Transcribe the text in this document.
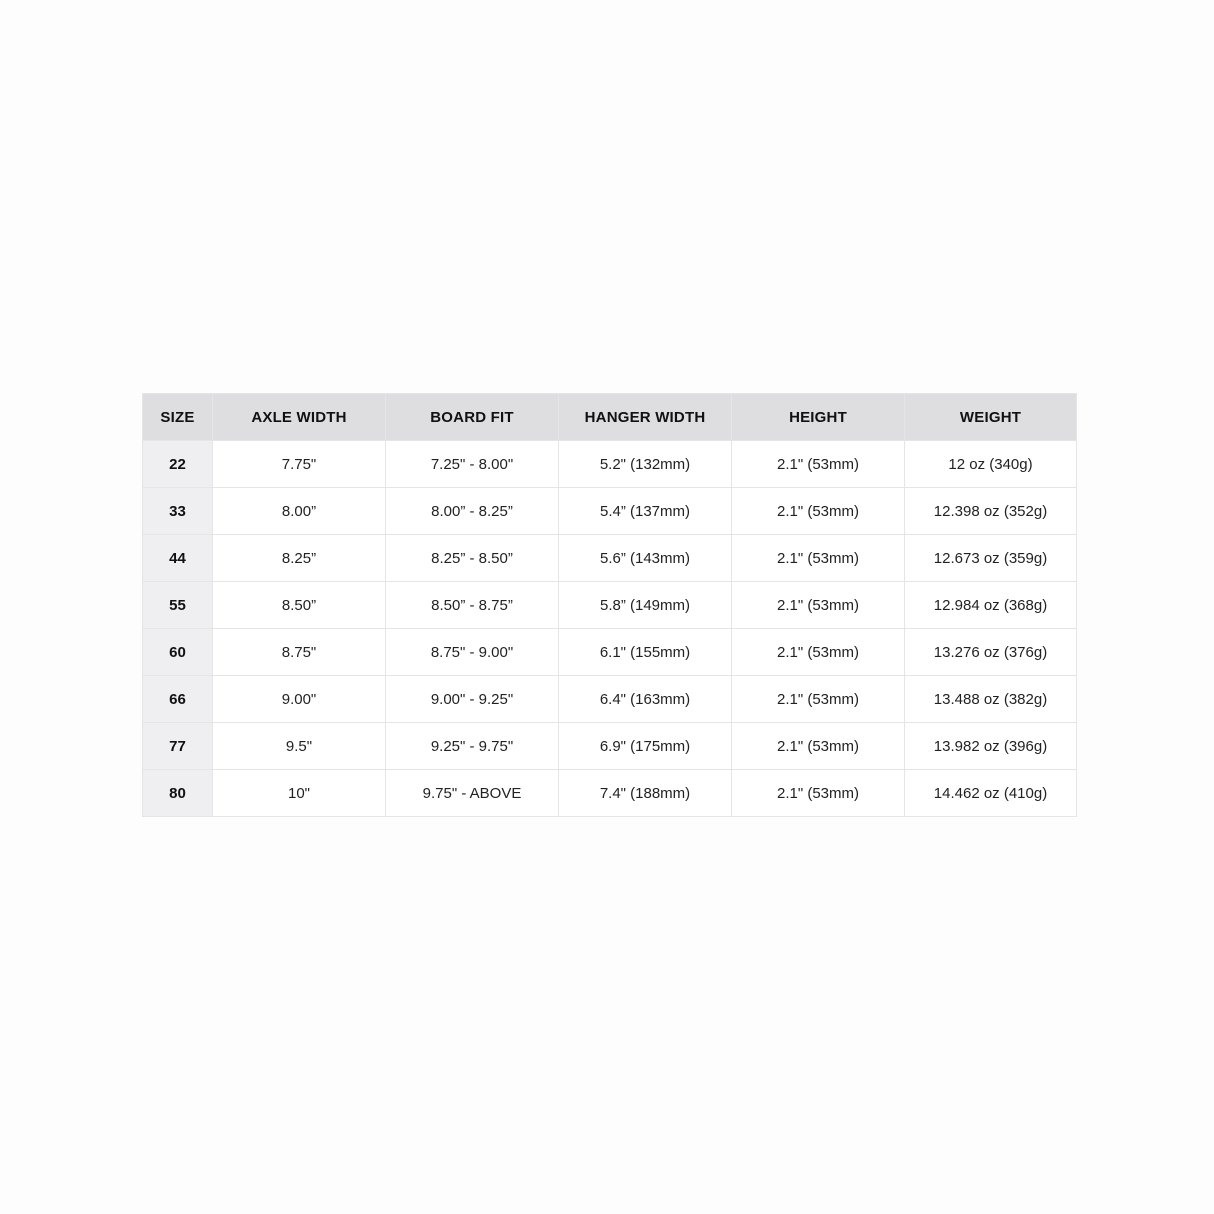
SIZE	AXLE WIDTH	BOARD FIT	HANGER WIDTH	HEIGHT	WEIGHT
22	7.75"	7.25" - 8.00"	5.2" (132mm)	2.1" (53mm)	12 oz (340g)
33	8.00”	8.00” - 8.25”	5.4” (137mm)	2.1" (53mm)	12.398 oz (352g)
44	8.25”	8.25” - 8.50”	5.6” (143mm)	2.1" (53mm)	12.673 oz (359g)
55	8.50”	8.50” - 8.75”	5.8” (149mm)	2.1" (53mm)	12.984 oz (368g)
60	8.75"	8.75" - 9.00"	6.1" (155mm)	2.1" (53mm)	13.276 oz (376g)
66	9.00"	9.00" - 9.25"	6.4" (163mm)	2.1" (53mm)	13.488 oz (382g)
77	9.5"	9.25" - 9.75"	6.9" (175mm)	2.1" (53mm)	13.982 oz (396g)
80	10"	9.75" - ABOVE	7.4" (188mm)	2.1" (53mm)	14.462 oz (410g)
